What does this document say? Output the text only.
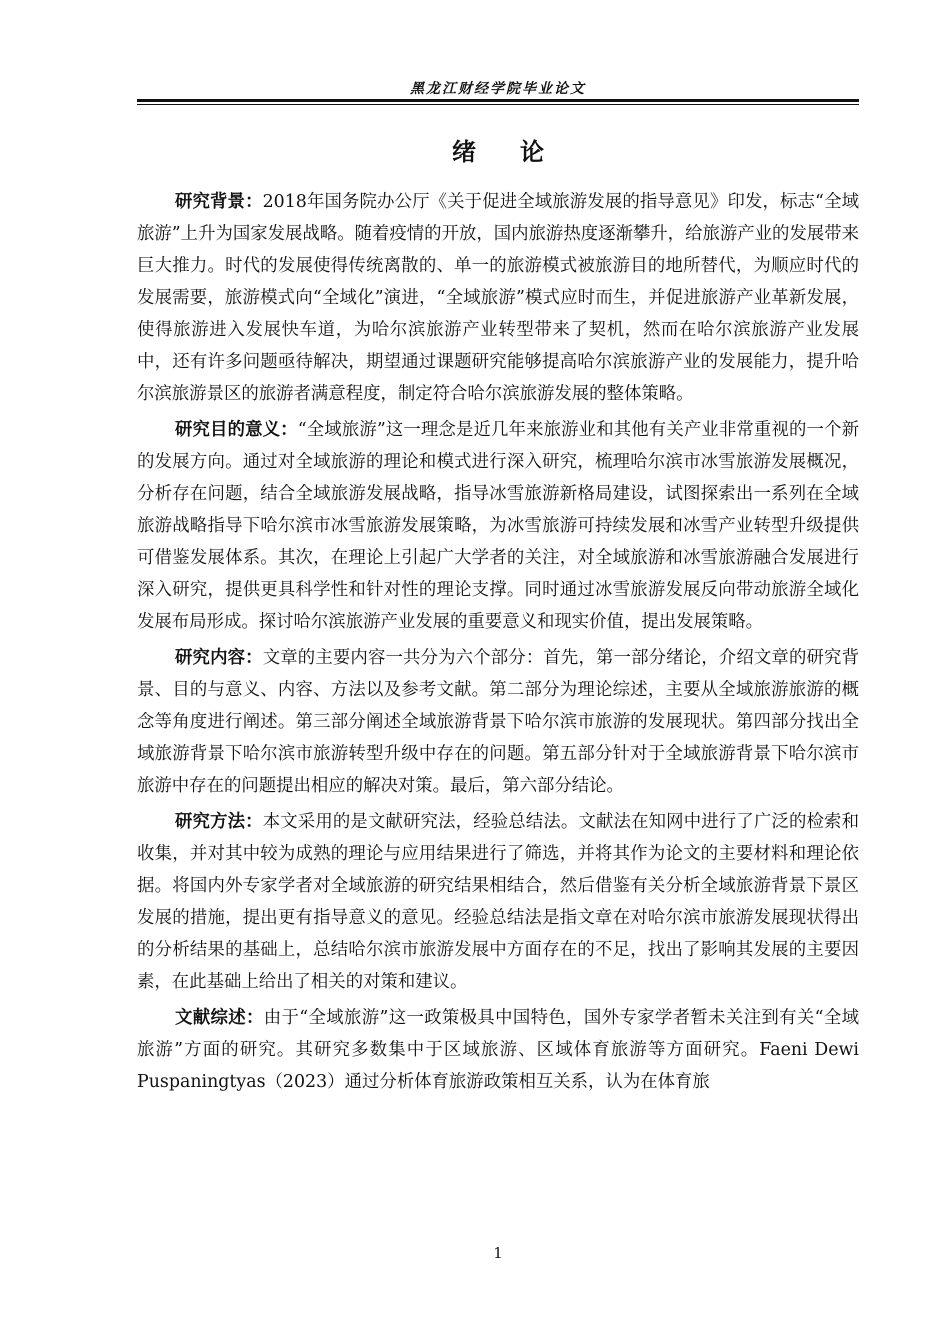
黑龙江财经学院毕业论文
绪论

研究背景：2018年国务院办公厅《关于促进全域旅游发展的指导意见》印发，标志“全域旅游”上升为国家发展战略。随着疫情的开放，国内旅游热度逐渐攀升，给旅游产业的发展带来巨大推力。时代的发展使得传统离散的、单一的旅游模式被旅游目的地所替代，为顺应时代的发展需要，旅游模式向“全域化”演进，“全域旅游”模式应时而生，并促进旅游产业革新发展，使得旅游进入发展快车道，为哈尔滨旅游产业转型带来了契机，然而在哈尔滨旅游产业发展中，还有许多问题亟待解决，期望通过课题研究能够提高哈尔滨旅游产业的发展能力，提升哈尔滨旅游景区的旅游者满意程度，制定符合哈尔滨旅游发展的整体策略。

研究目的意义：“全域旅游”这一理念是近几年来旅游业和其他有关产业非常重视的一个新的发展方向。通过对全域旅游的理论和模式进行深入研究，梳理哈尔滨市冰雪旅游发展概况，分析存在问题，结合全域旅游发展战略，指导冰雪旅游新格局建设，试图探索出一系列在全域旅游战略指导下哈尔滨市冰雪旅游发展策略，为冰雪旅游可持续发展和冰雪产业转型升级提供可借鉴发展体系。其次，在理论上引起广大学者的关注，对全域旅游和冰雪旅游融合发展进行深入研究，提供更具科学性和针对性的理论支撑。同时通过冰雪旅游发展反向带动旅游全域化发展布局形成。探讨哈尔滨旅游产业发展的重要意义和现实价值，提出发展策略。

研究内容：文章的主要内容一共分为六个部分：首先，第一部分绪论，介绍文章的研究背景、目的与意义、内容、方法以及参考文献。第二部分为理论综述，主要从全域旅游旅游的概念等角度进行阐述。第三部分阐述全域旅游背景下哈尔滨市旅游的发展现状。第四部分找出全域旅游背景下哈尔滨市旅游转型升级中存在的问题。第五部分针对于全域旅游背景下哈尔滨市旅游中存在的问题提出相应的解决对策。最后，第六部分结论。

研究方法：本文采用的是文献研究法，经验总结法。文献法在知网中进行了广泛的检索和收集，并对其中较为成熟的理论与应用结果进行了筛选，并将其作为论文的主要材料和理论依据。将国内外专家学者对全域旅游的研究结果相结合，然后借鉴有关分析全域旅游背景下景区发展的措施，提出更有指导意义的意见。经验总结法是指文章在对哈尔滨市旅游发展现状得出的分析结果的基础上，总结哈尔滨市旅游发展中方面存在的不足，找出了影响其发展的主要因素，在此基础上给出了相关的对策和建议。

文献综述：由于“全域旅游”这一政策极具中国特色，国外专家学者暂未关注到有关“全域旅游”方面的研究。其研究多数集中于区域旅游、区域体育旅游等方面研究。Faeni Dewi Puspaningtyas（2023）通过分析体育旅游政策相互关系，认为在体育旅

1
